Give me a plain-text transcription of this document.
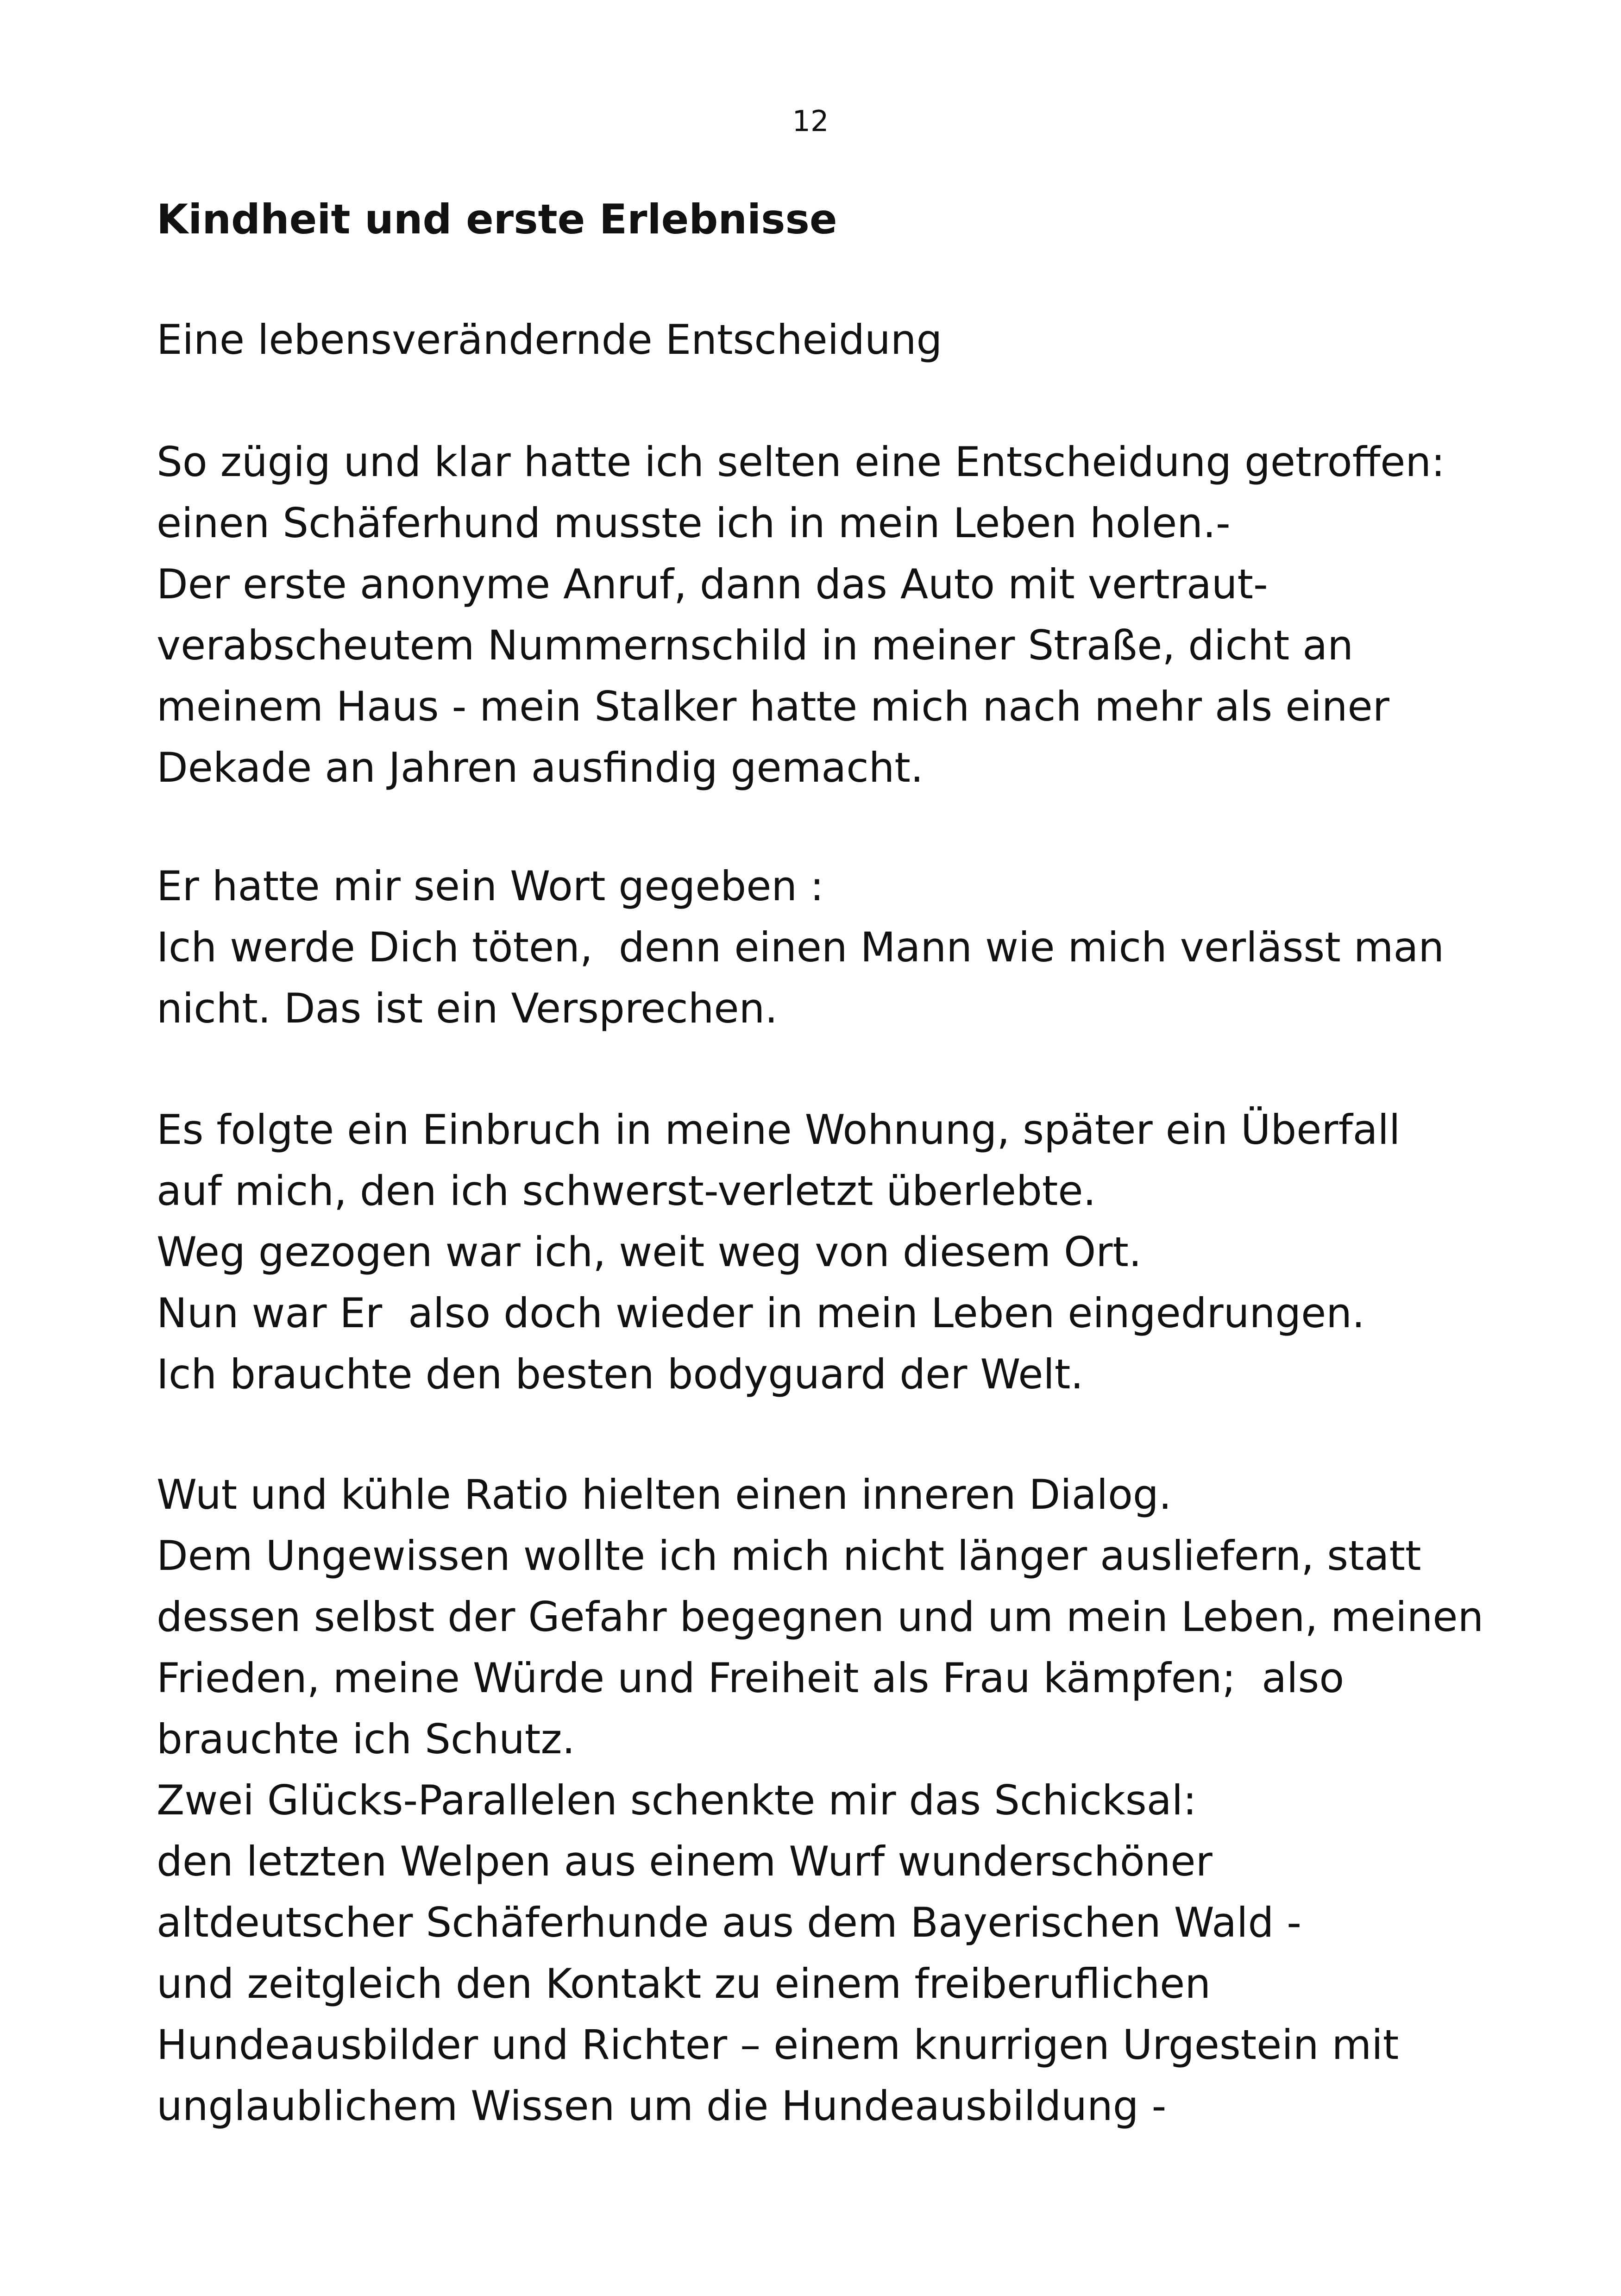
12
Kindheit und erste Erlebnisse
Eine lebensverändernde Entscheidung
So zügig und klar hatte ich selten eine Entscheidung getroffen:
einen Schäferhund musste ich in mein Leben holen.-
Der erste anonyme Anruf, dann das Auto mit vertraut-
verabscheutem Nummernschild in meiner Straße, dicht an
meinem Haus - mein Stalker hatte mich nach mehr als einer
Dekade an Jahren ausfindig gemacht.
Er hatte mir sein Wort gegeben :
Ich werde Dich töten,  denn einen Mann wie mich verlässt man
nicht. Das ist ein Versprechen.
Es folgte ein Einbruch in meine Wohnung, später ein Überfall
auf mich, den ich schwerst-verletzt überlebte.
Weg gezogen war ich, weit weg von diesem Ort.
Nun war Er  also doch wieder in mein Leben eingedrungen.
Ich brauchte den besten bodyguard der Welt.
Wut und kühle Ratio hielten einen inneren Dialog.
Dem Ungewissen wollte ich mich nicht länger ausliefern, statt
dessen selbst der Gefahr begegnen und um mein Leben, meinen
Frieden, meine Würde und Freiheit als Frau kämpfen;  also
brauchte ich Schutz.
Zwei Glücks-Parallelen schenkte mir das Schicksal:
den letzten Welpen aus einem Wurf wunderschöner
altdeutscher Schäferhunde aus dem Bayerischen Wald -
und zeitgleich den Kontakt zu einem freiberuflichen
Hundeausbilder und Richter – einem knurrigen Urgestein mit
unglaublichem Wissen um die Hundeausbildung -
